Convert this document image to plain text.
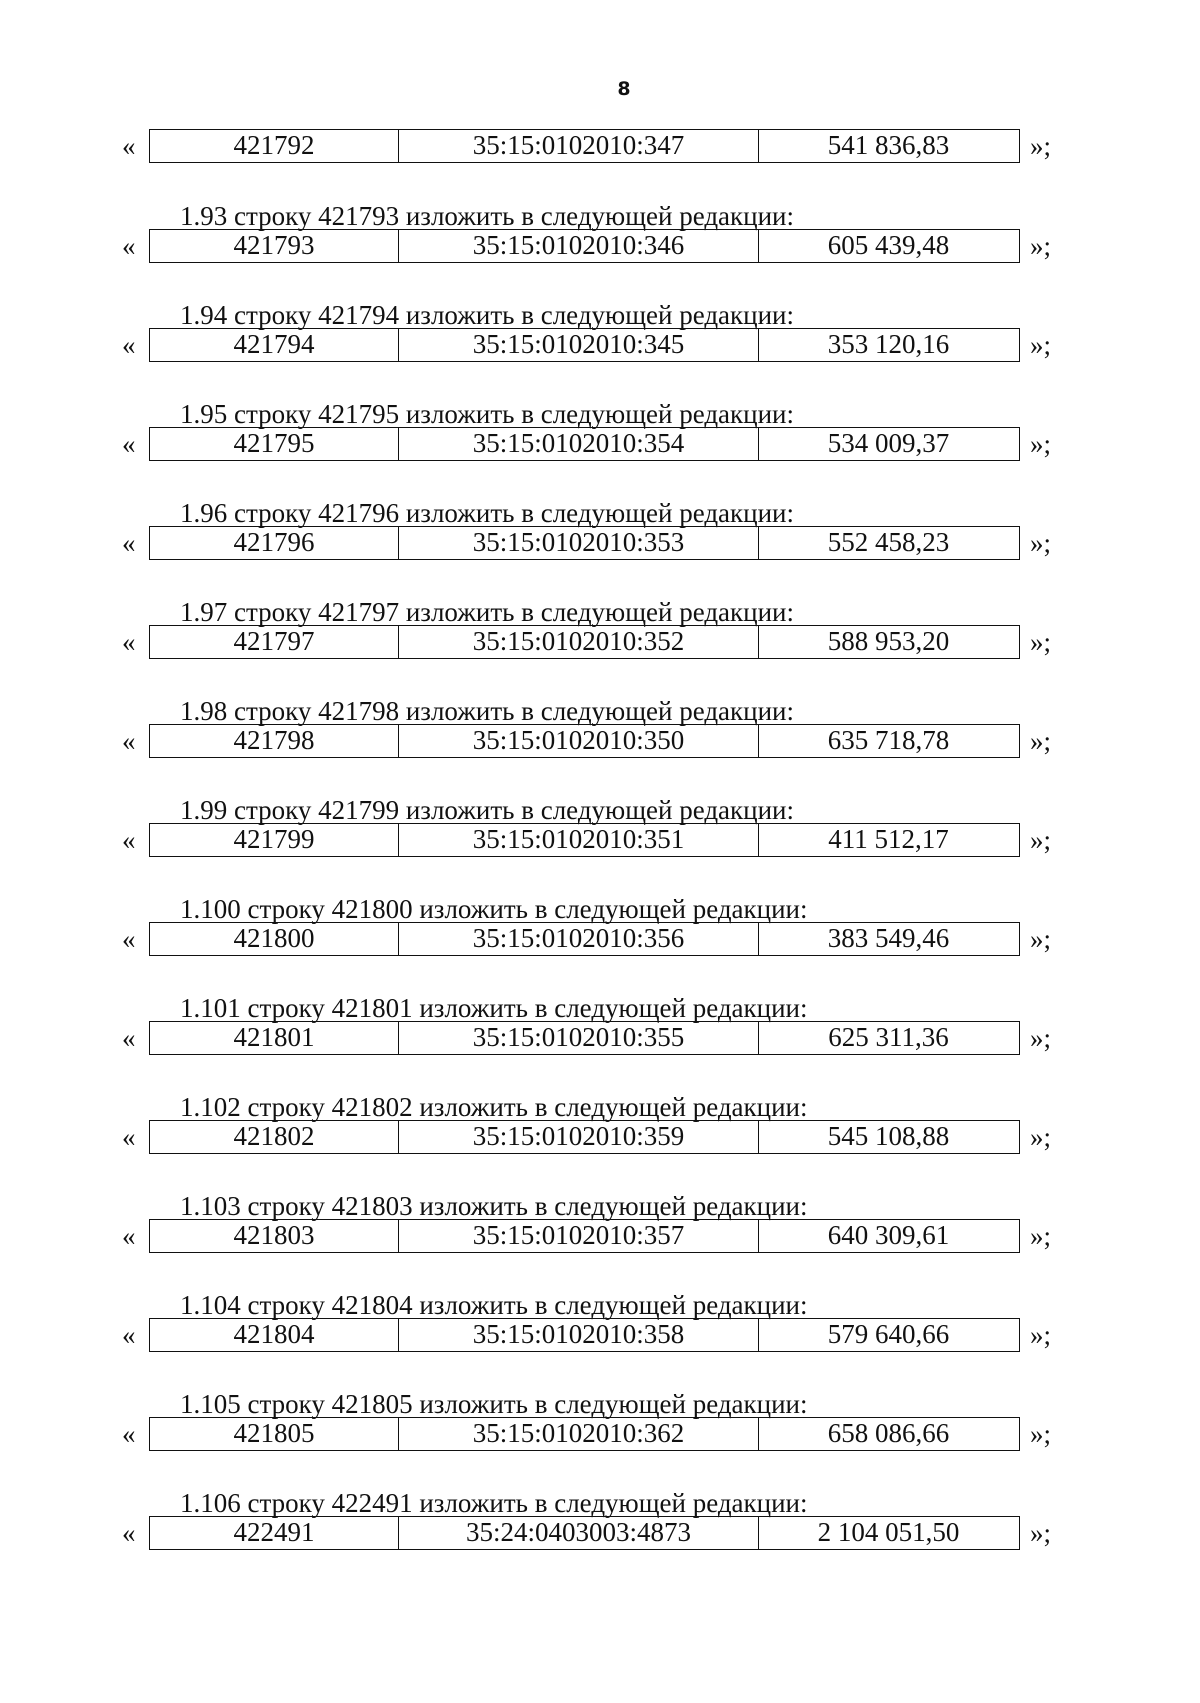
8
«	421792	35:15:0102010:347	541 836,83	»;
1.93 строку 421793 изложить в следующей редакции:
«	421793	35:15:0102010:346	605 439,48	»;
1.94 строку 421794 изложить в следующей редакции:
«	421794	35:15:0102010:345	353 120,16	»;
1.95 строку 421795 изложить в следующей редакции:
«	421795	35:15:0102010:354	534 009,37	»;
1.96 строку 421796 изложить в следующей редакции:
«	421796	35:15:0102010:353	552 458,23	»;
1.97 строку 421797 изложить в следующей редакции:
«	421797	35:15:0102010:352	588 953,20	»;
1.98 строку 421798 изложить в следующей редакции:
«	421798	35:15:0102010:350	635 718,78	»;
1.99 строку 421799 изложить в следующей редакции:
«	421799	35:15:0102010:351	411 512,17	»;
1.100 строку 421800 изложить в следующей редакции:
«	421800	35:15:0102010:356	383 549,46	»;
1.101 строку 421801 изложить в следующей редакции:
«	421801	35:15:0102010:355	625 311,36	»;
1.102 строку 421802 изложить в следующей редакции:
«	421802	35:15:0102010:359	545 108,88	»;
1.103 строку 421803 изложить в следующей редакции:
«	421803	35:15:0102010:357	640 309,61	»;
1.104 строку 421804 изложить в следующей редакции:
«	421804	35:15:0102010:358	579 640,66	»;
1.105 строку 421805 изложить в следующей редакции:
«	421805	35:15:0102010:362	658 086,66	»;
1.106 строку 422491 изложить в следующей редакции:
«	422491	35:24:0403003:4873	2 104 051,50	»;
